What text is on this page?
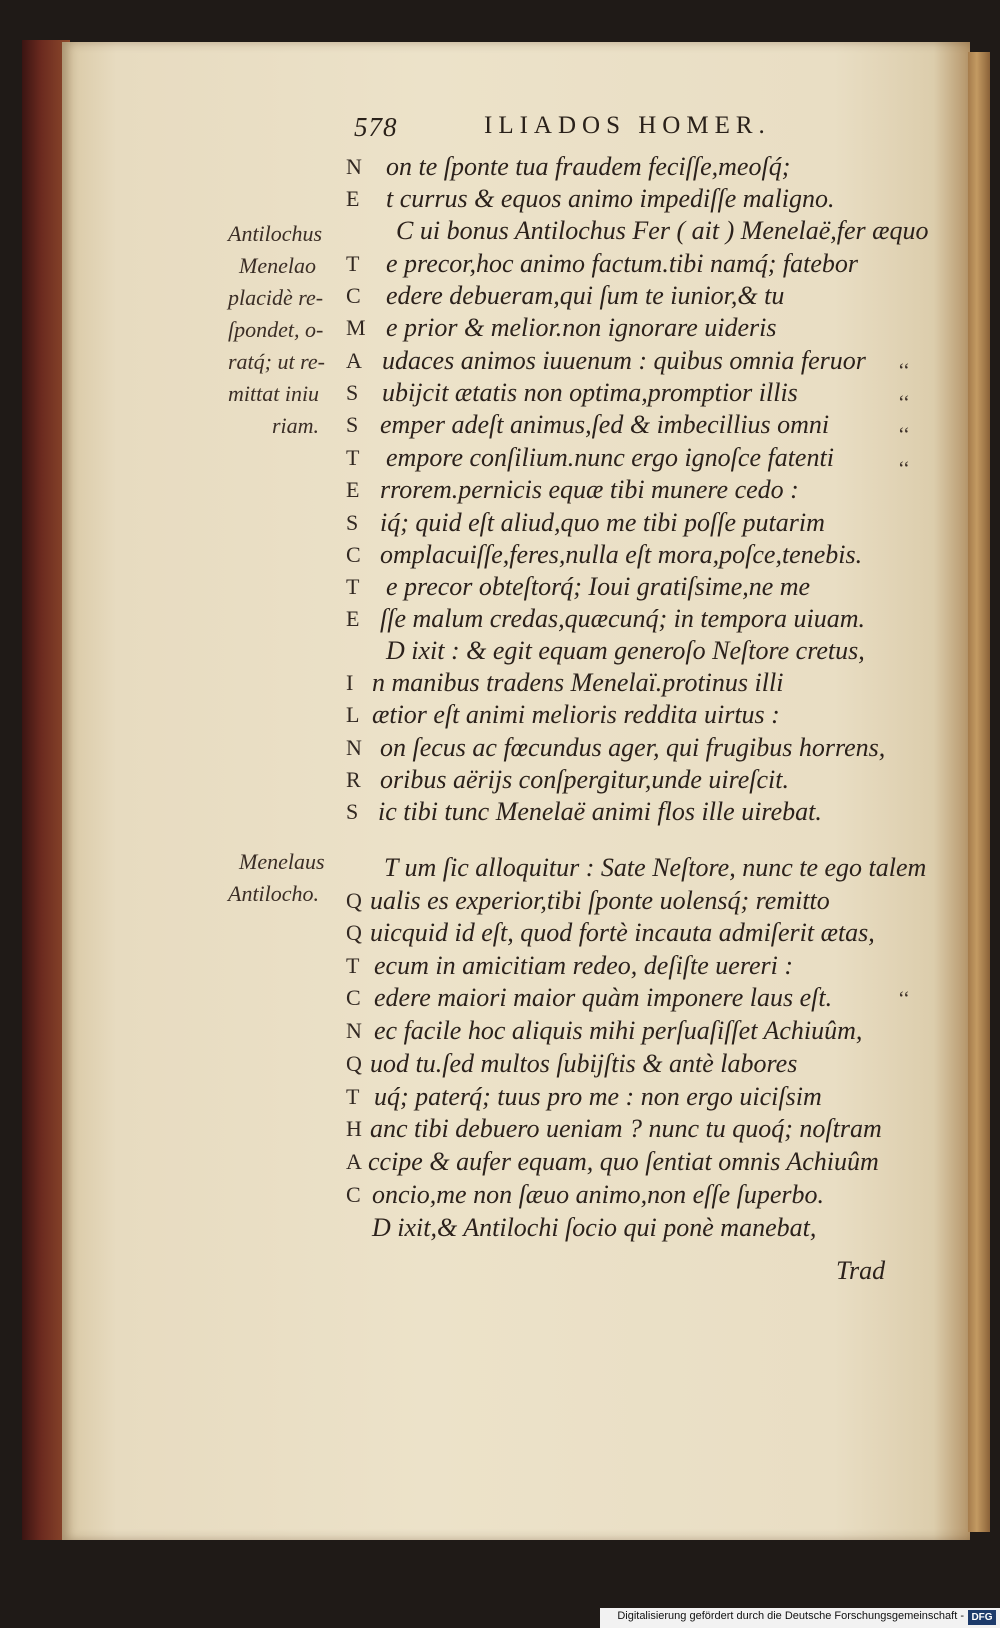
578	ILIADOS HOMER.
N on te ſponte tua fraudem feciſſe,meoſq́;
E	t currus & equos animo impediſſe maligno.
C ui bonus Antilochus Fer ( ait ) Menelaë,fer æquo
T	e precor,hoc animo factum.tibi namq́; fatebor
C edere debueram,qui ſum te iunior,& tu
M e prior & melior.non ignorare uideris
A udaces animos iuuenum : quibus omnia feruor
S ubijcit ætatis non optima,promptior illis
S emper adeſt animus,ſed & imbecillius omni
T	empore conſilium.nunc ergo ignoſce fatenti
E rrorem.pernicis equæ tibi munere cedo :
S iq́; quid eſt aliud,quo me tibi poſſe putarim
C omplacuiſſe,feres,nulla eſt mora,poſce,tenebis.
T	e precor obteſtorq́; Ioui gratiſsime,ne me
E ſſe malum credas,quæcunq́; in tempora uiuam.
D ixit : & egit equam generoſo Neſtore cretus,
I n manibus tradens Menelaï.protinus illi
L ætior eſt animi melioris reddita uirtus :
N on ſecus ac fœcundus ager, qui frugibus horrens,
R oribus aërijs conſpergitur,unde uireſcit.
S ic tibi tunc Menelaë animi flos ille uirebat.
T um ſic alloquitur : Sate Neſtore, nunc te ego talem
Q ualis es experior,tibi ſponte uolensq́; remitto
Q uicquid id eſt, quod fortè incauta admiſerit ætas,
T ecum in amicitiam redeo, deſiſte uereri :
C edere maiori maior quàm imponere laus eſt.
N ec facile hoc aliquis mihi perſuaſiſſet Achiuûm,
Q uod tu.ſed multos ſubijſtis & antè labores
T uq́; paterq́; tuus pro me : non ergo uiciſsim
H anc tibi debuero ueniam ? nunc tu quoq́; noſtram
A ccipe & aufer equam, quo ſentiat omnis Achiuûm
C oncio,me non ſæuo animo,non eſſe ſuperbo.
D ixit,& Antilochi ſocio qui ponè manebat,
Antilochus
Menelao
placidè re-
ſpondet, o-
ratq́; ut re-
mittat iniu
riam.
Menelaus
Antilocho.
‘‘
‘‘
‘‘
‘‘
‘‘
Trad
Digitalisierung gefördert durch die Deutsche Forschungsgemeinschaft - DFG
